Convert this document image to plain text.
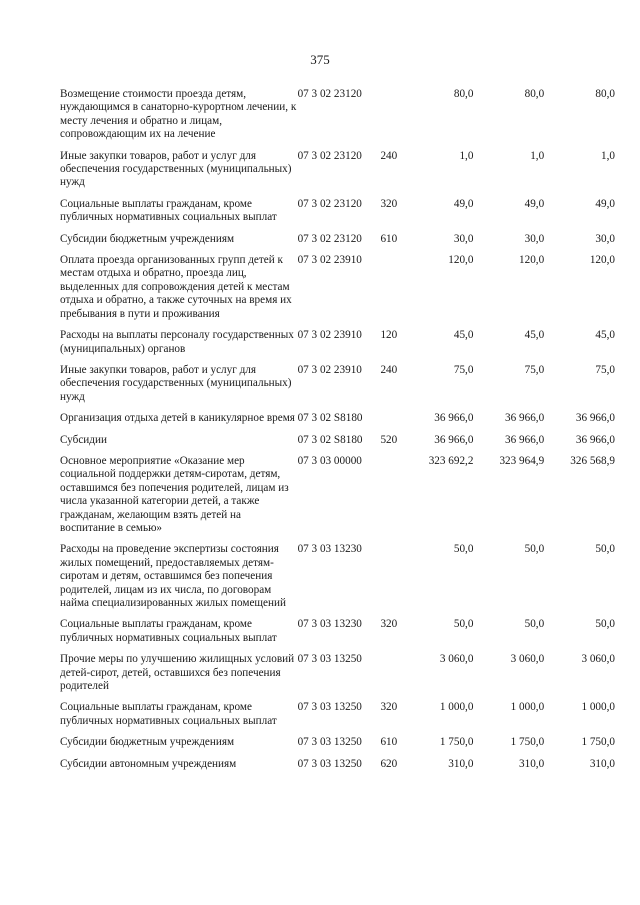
375
Возмещение стоимости проезда детям, нуждающимся в санаторно-курортном лечении, к месту лечения и обратно и лицам, сопровождающим их на лечение	07 3 02 23120		80,0	80,0	80,0
Иные закупки товаров, работ и услуг для обеспечения государственных (муниципальных) нужд	07 3 02 23120	240	1,0	1,0	1,0
Социальные выплаты гражданам, кроме публичных нормативных социальных выплат	07 3 02 23120	320	49,0	49,0	49,0
Субсидии бюджетным учреждениям	07 3 02 23120	610	30,0	30,0	30,0
Оплата проезда организованных групп детей к местам отдыха и обратно, проезда лиц, выделенных для сопровождения детей к местам отдыха и обратно, а также суточных на время их пребывания в пути и проживания	07 3 02 23910		120,0	120,0	120,0
Расходы на выплаты персоналу государственных (муниципальных) органов	07 3 02 23910	120	45,0	45,0	45,0
Иные закупки товаров, работ и услуг для обеспечения государственных (муниципальных) нужд	07 3 02 23910	240	75,0	75,0	75,0
Организация отдыха детей в каникулярное время	07 3 02 S8180		36 966,0	36 966,0	36 966,0
Субсидии	07 3 02 S8180	520	36 966,0	36 966,0	36 966,0
Основное мероприятие «Оказание мер социальной поддержки детям-сиротам, детям, оставшимся без попечения родителей, лицам из числа указанной категории детей, а также гражданам, желающим взять детей на воспитание в семью»	07 3 03 00000		323 692,2	323 964,9	326 568,9
Расходы на проведение экспертизы состояния жилых помещений, предоставляемых детям-сиротам и детям, оставшимся без попечения родителей, лицам из их числа, по договорам найма специализированных жилых помещений	07 3 03 13230		50,0	50,0	50,0
Социальные выплаты гражданам, кроме публичных нормативных социальных выплат	07 3 03 13230	320	50,0	50,0	50,0
Прочие меры по улучшению жилищных условий детей-сирот, детей, оставшихся без попечения родителей	07 3 03 13250		3 060,0	3 060,0	3 060,0
Социальные выплаты гражданам, кроме публичных нормативных социальных выплат	07 3 03 13250	320	1 000,0	1 000,0	1 000,0
Субсидии бюджетным учреждениям	07 3 03 13250	610	1 750,0	1 750,0	1 750,0
Субсидии автономным учреждениям	07 3 03 13250	620	310,0	310,0	310,0
